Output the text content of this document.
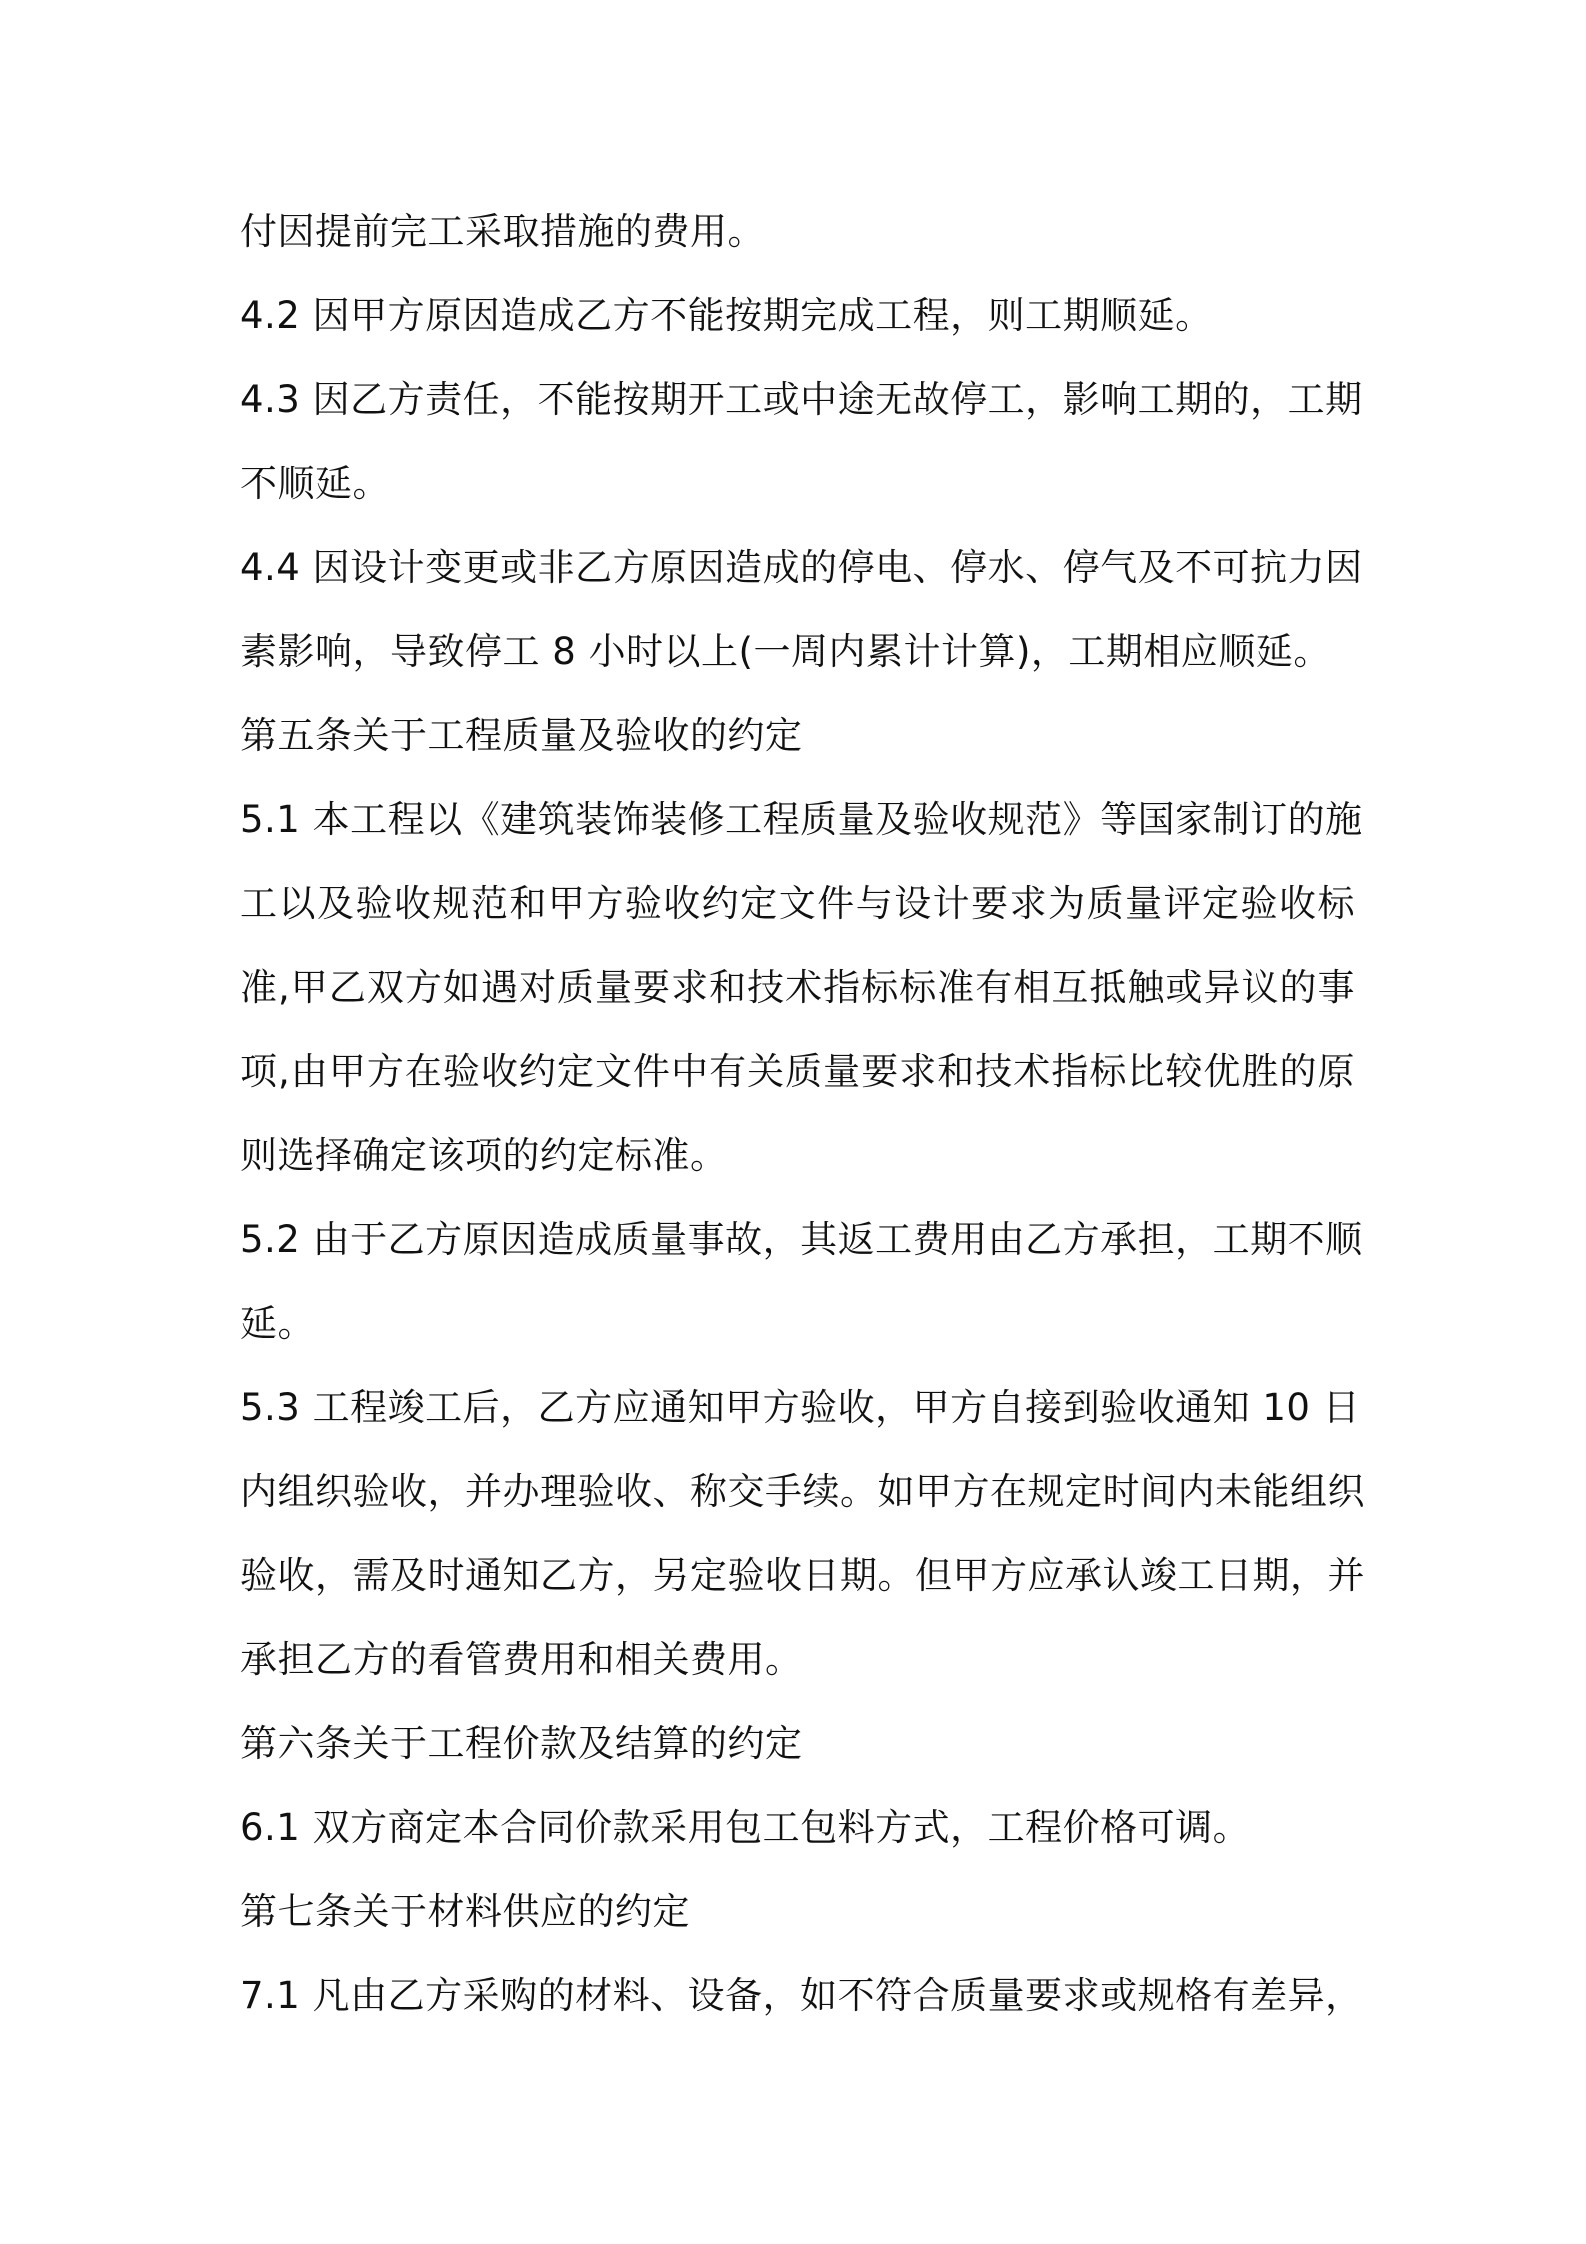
付因提前完工采取措施的费用。
4.2 因甲方原因造成乙方不能按期完成工程，则工期顺延。
4.3 因乙方责任，不能按期开工或中途无故停工，影响工期的，工期
不顺延。
4.4 因设计变更或非乙方原因造成的停电、停水、停气及不可抗力因
素影响，导致停工 8 小时以上(一周内累计计算)，工期相应顺延。
第五条关于工程质量及验收的约定
5.1 本工程以《建筑装饰装修工程质量及验收规范》等国家制订的施
工以及验收规范和甲方验收约定文件与设计要求为质量评定验收标
准,甲乙双方如遇对质量要求和技术指标标准有相互抵触或异议的事
项,由甲方在验收约定文件中有关质量要求和技术指标比较优胜的原
则选择确定该项的约定标准。
5.2 由于乙方原因造成质量事故，其返工费用由乙方承担，工期不顺
延。
5.3 工程竣工后，乙方应通知甲方验收，甲方自接到验收通知 10 日
内组织验收，并办理验收、称交手续。如甲方在规定时间内未能组织
验收，需及时通知乙方，另定验收日期。但甲方应承认竣工日期，并
承担乙方的看管费用和相关费用。
第六条关于工程价款及结算的约定
6.1 双方商定本合同价款采用包工包料方式，工程价格可调。
第七条关于材料供应的约定
7.1 凡由乙方采购的材料、设备，如不符合质量要求或规格有差异，
